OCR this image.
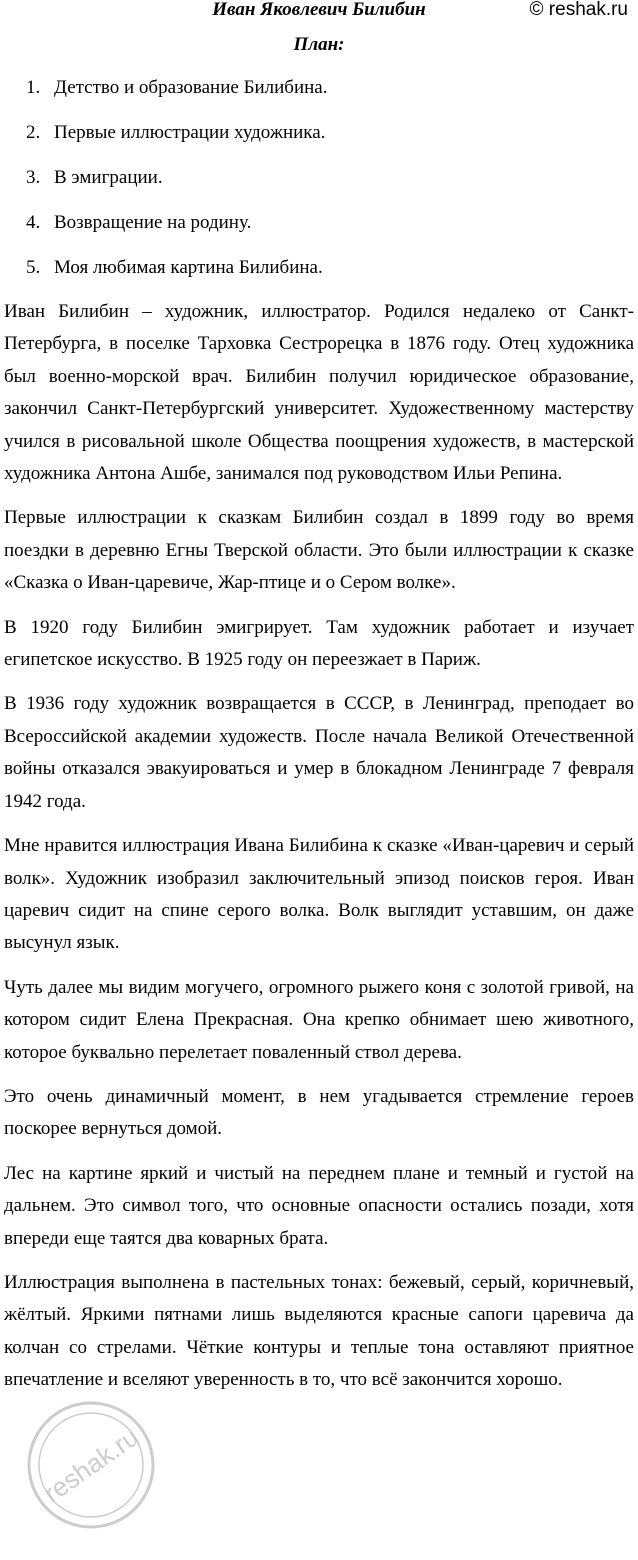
Иван Яковлевич Билибин	© reshak.ru
План:
1. Детство и образование Билибина.
2. Первые иллюстрации художника.
3. В эмиграции.
4. Возвращение на родину.
5. Моя любимая картина Билибина.

Иван Билибин – художник, иллюстратор. Родился недалеко от Санкт-Петербурга, в поселке Тарховка Сестрорецка в 1876 году. Отец художника был военно-морской врач. Билибин получил юридическое образование, закончил Санкт-Петербургский университет. Художественному мастерству учился в рисовальной школе Общества поощрения художеств, в мастерской художника Антона Ашбе, занимался под руководством Ильи Репина.

Первые иллюстрации к сказкам Билибин создал в 1899 году во время поездки в деревню Егны Тверской области. Это были иллюстрации к сказке «Сказка о Иван-царевиче, Жар-птице и о Сером волке».

В 1920 году Билибин эмигрирует. Там художник работает и изучает египетское искусство. В 1925 году он переезжает в Париж.

В 1936 году художник возвращается в СССР, в Ленинград, преподает во Всероссийской академии художеств. После начала Великой Отечественной войны отказался эвакуироваться и умер в блокадном Ленинграде 7 февраля 1942 года.

Мне нравится иллюстрация Ивана Билибина к сказке «Иван-царевич и серый волк». Художник изобразил заключительный эпизод поисков героя. Иван царевич сидит на спине серого волка. Волк выглядит уставшим, он даже высунул язык.

Чуть далее мы видим могучего, огромного рыжего коня с золотой гривой, на котором сидит Елена Прекрасная. Она крепко обнимает шею животного, которое буквально перелетает поваленный ствол дерева.

Это очень динамичный момент, в нем угадывается стремление героев поскорее вернуться домой.

Лес на картине яркий и чистый на переднем плане и темный и густой на дальнем. Это символ того, что основные опасности остались позади, хотя впереди еще таятся два коварных брата.

Иллюстрация выполнена в пастельных тонах: бежевый, серый, коричневый, жёлтый. Яркими пятнами лишь выделяются красные сапоги царевича да колчан со стрелами. Чёткие контуры и теплые тона оставляют приятное впечатление и вселяют уверенность в то, что всё закончится хорошо.

reshak.ru
